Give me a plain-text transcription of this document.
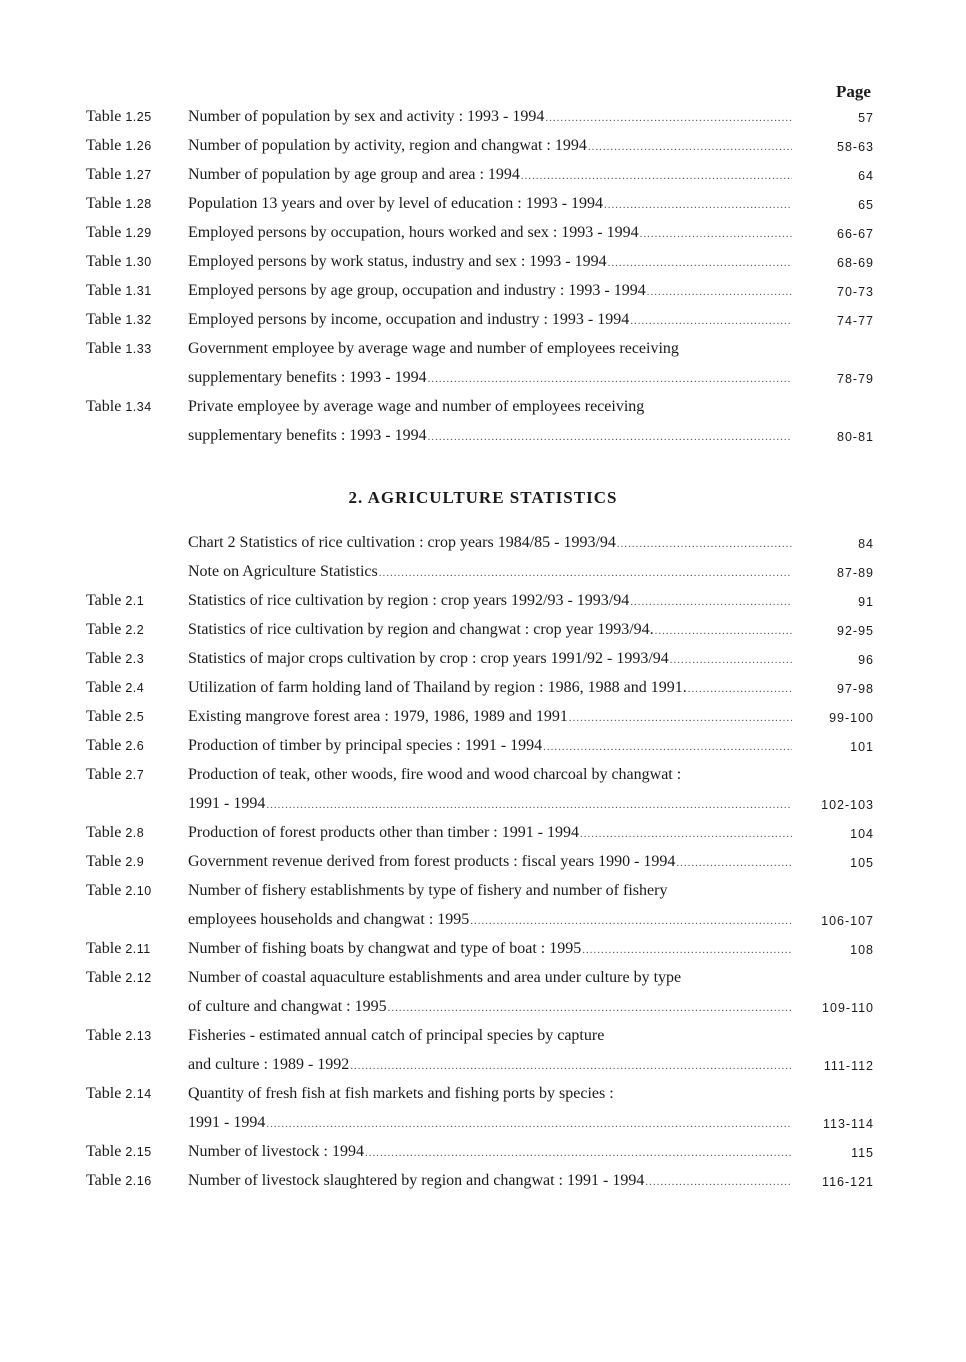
Page
Table 1.25 Number of population by sex and activity : 1993 - 1994 .....	57
Table 1.26 Number of population by activity, region and changwat : 1994 .....	58-63
Table 1.27 Number of population by age group and area : 1994 .....	64
Table 1.28 Population 13 years and over by level of education : 1993 - 1994 .....	65
Table 1.29 Employed persons by occupation, hours worked and sex : 1993 - 1994 .....	66-67
Table 1.30 Employed persons by work status, industry and sex : 1993 - 1994 .....	68-69
Table 1.31 Employed persons by age group, occupation and industry : 1993 - 1994 .....	70-73
Table 1.32 Employed persons by income, occupation and industry : 1993 - 1994 .....	74-77
Table 1.33 Government employee by average wage and number of employees receiving
supplementary benefits : 1993 - 1994 .....	78-79
Table 1.34 Private employee by average wage and number of employees receiving
supplementary benefits : 1993 - 1994 .....	80-81
2. AGRICULTURE STATISTICS
Chart 2 Statistics of rice cultivation : crop years 1984/85 - 1993/94 .....	84
Note on Agriculture Statistics .....	87-89
Table 2.1	Statistics of rice cultivation by region : crop years 1992/93 - 1993/94 .....	91
Table 2.2	Statistics of rice cultivation by region and changwat : crop year 1993/94. .....	92-95
Table 2.3	Statistics of major crops cultivation by crop : crop years 1991/92 - 1993/94 .....	96
Table 2.4	Utilization of farm holding land of Thailand by region : 1986, 1988 and 1991. .....	97-98
Table 2.5	Existing mangrove forest area : 1979, 1986, 1989 and 1991 .....	99-100
Table 2.6	Production of timber by principal species : 1991 - 1994 .....	101
Table 2.7	Production of teak, other woods, fire wood and wood charcoal by changwat :
1991 - 1994 .....	102-103
Table 2.8	Production of forest products other than timber : 1991 - 1994 .....	104
Table 2.9	Government revenue derived from forest products : fiscal years 1990 - 1994 .....	105
Table 2.10 Number of fishery establishments by type of fishery and number of fishery
employees households and changwat : 1995 .....	106-107
Table 2.11 Number of fishing boats by changwat and type of boat : 1995 .....	108
Table 2.12 Number of coastal aquaculture establishments and area under culture by type
of culture and changwat : 1995 .....	109-110
Table 2.13 Fisheries - estimated annual catch of principal species by capture
and culture : 1989 - 1992 .....	111-112
Table 2.14 Quantity of fresh fish at fish markets and fishing ports by species :
1991 - 1994 .....	113-114
Table 2.15 Number of livestock : 1994 .....	115
Table 2.16 Number of livestock slaughtered by region and changwat : 1991 - 1994 .....	116-121
